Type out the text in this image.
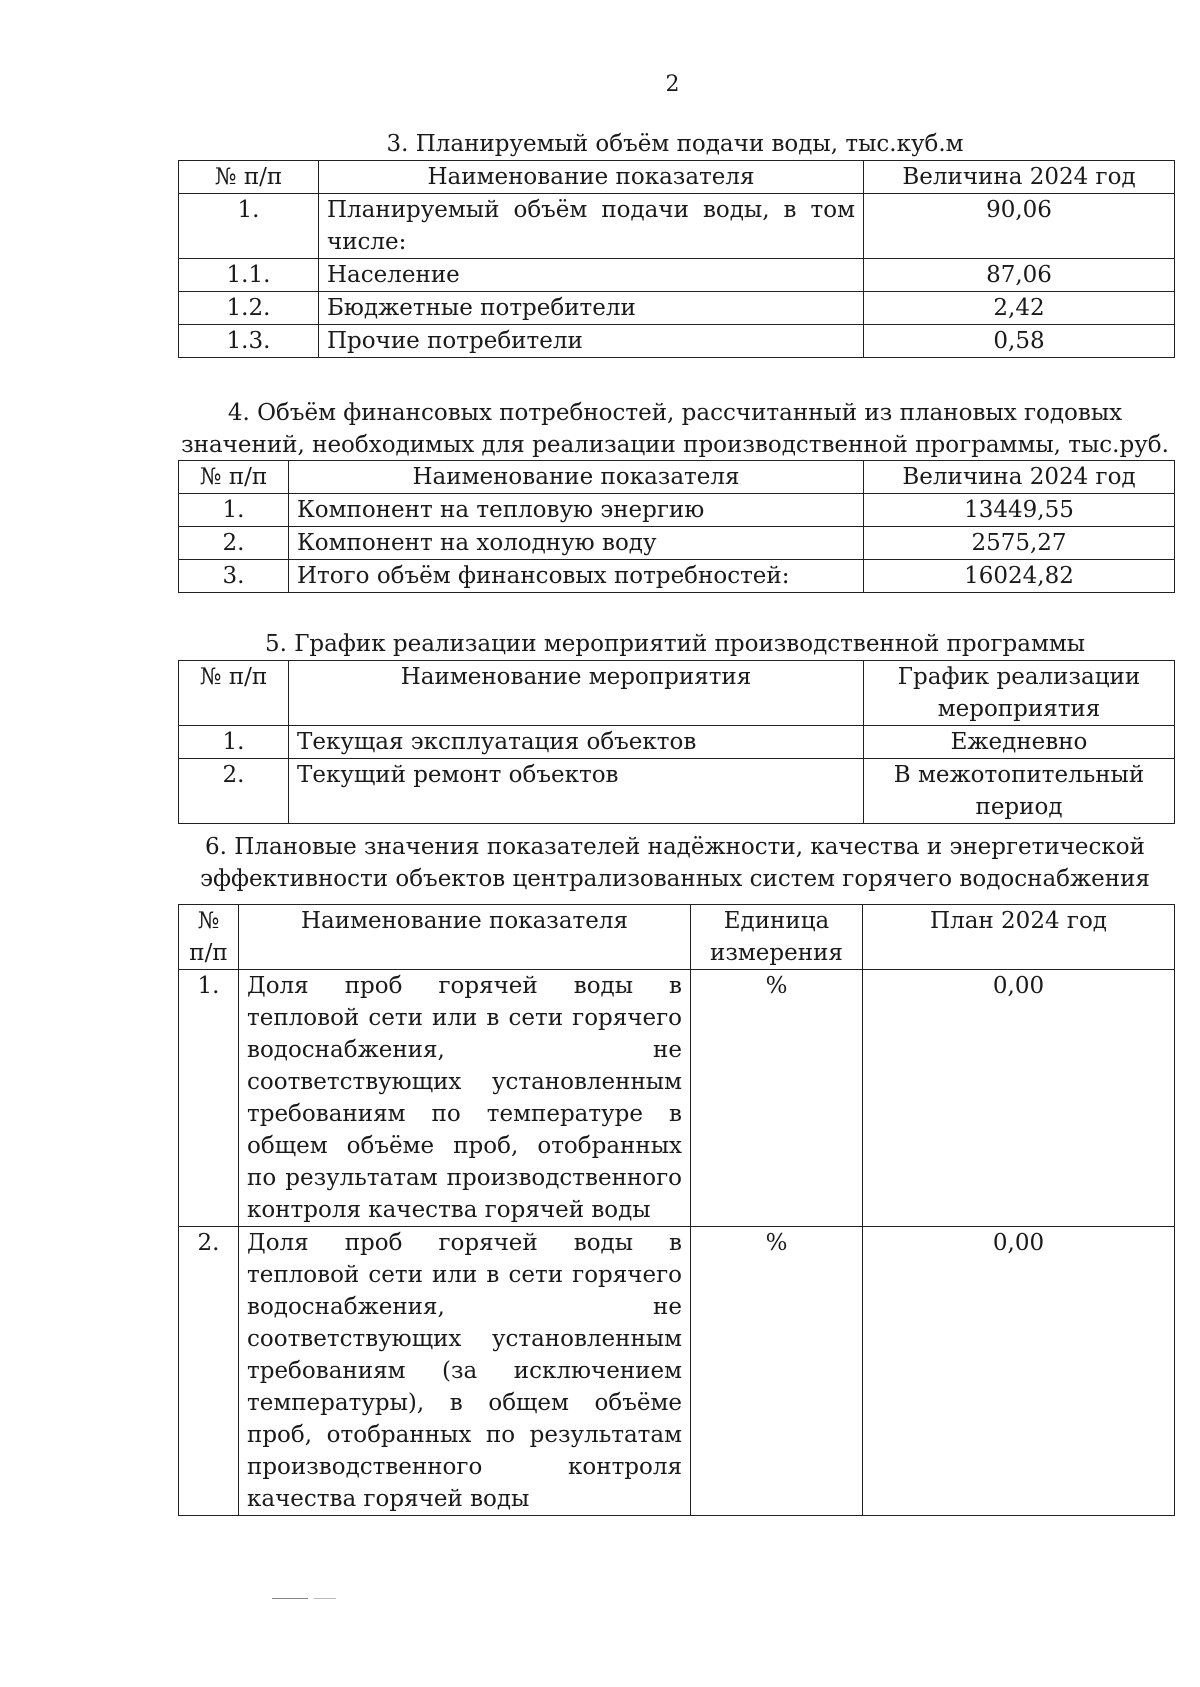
2
3. Планируемый объём подачи воды, тыс.куб.м
№ п/п	Наименование показателя	Величина 2024 год
1.	Планируемый объём подачи воды, в том числе:	90,06
1.1.	Население	87,06
1.2.	Бюджетные потребители	2,42
1.3.	Прочие потребители	0,58
4. Объём финансовых потребностей, рассчитанный из плановых годовых значений, необходимых для реализации производственной программы, тыс.руб.
№ п/п	Наименование показателя	Величина 2024 год
1.	Компонент на тепловую энергию	13449,55
2.	Компонент на холодную воду	2575,27
3.	Итого объём финансовых потребностей:	16024,82
5. График реализации мероприятий производственной программы
№ п/п	Наименование мероприятия	График реализации мероприятия
1.	Текущая эксплуатация объектов	Ежедневно
2.	Текущий ремонт объектов	В межотопительный период
6. Плановые значения показателей надёжности, качества и энергетической эффективности объектов централизованных систем горячего водоснабжения
№ п/п	Наименование показателя	Единица измерения	План 2024 год
1.	Доля проб горячей воды в тепловой сети или в сети горячего водоснабжения, не соответствующих установленным требованиям по температуре в общем объёме проб, отобранных по результатам производственного контроля качества горячей воды	%	0,00
2.	Доля проб горячей воды в тепловой сети или в сети горячего водоснабжения, не соответствующих установленным требованиям (за исключением температуры), в общем объёме проб, отобранных по результатам производственного контроля качества горячей воды	%	0,00
